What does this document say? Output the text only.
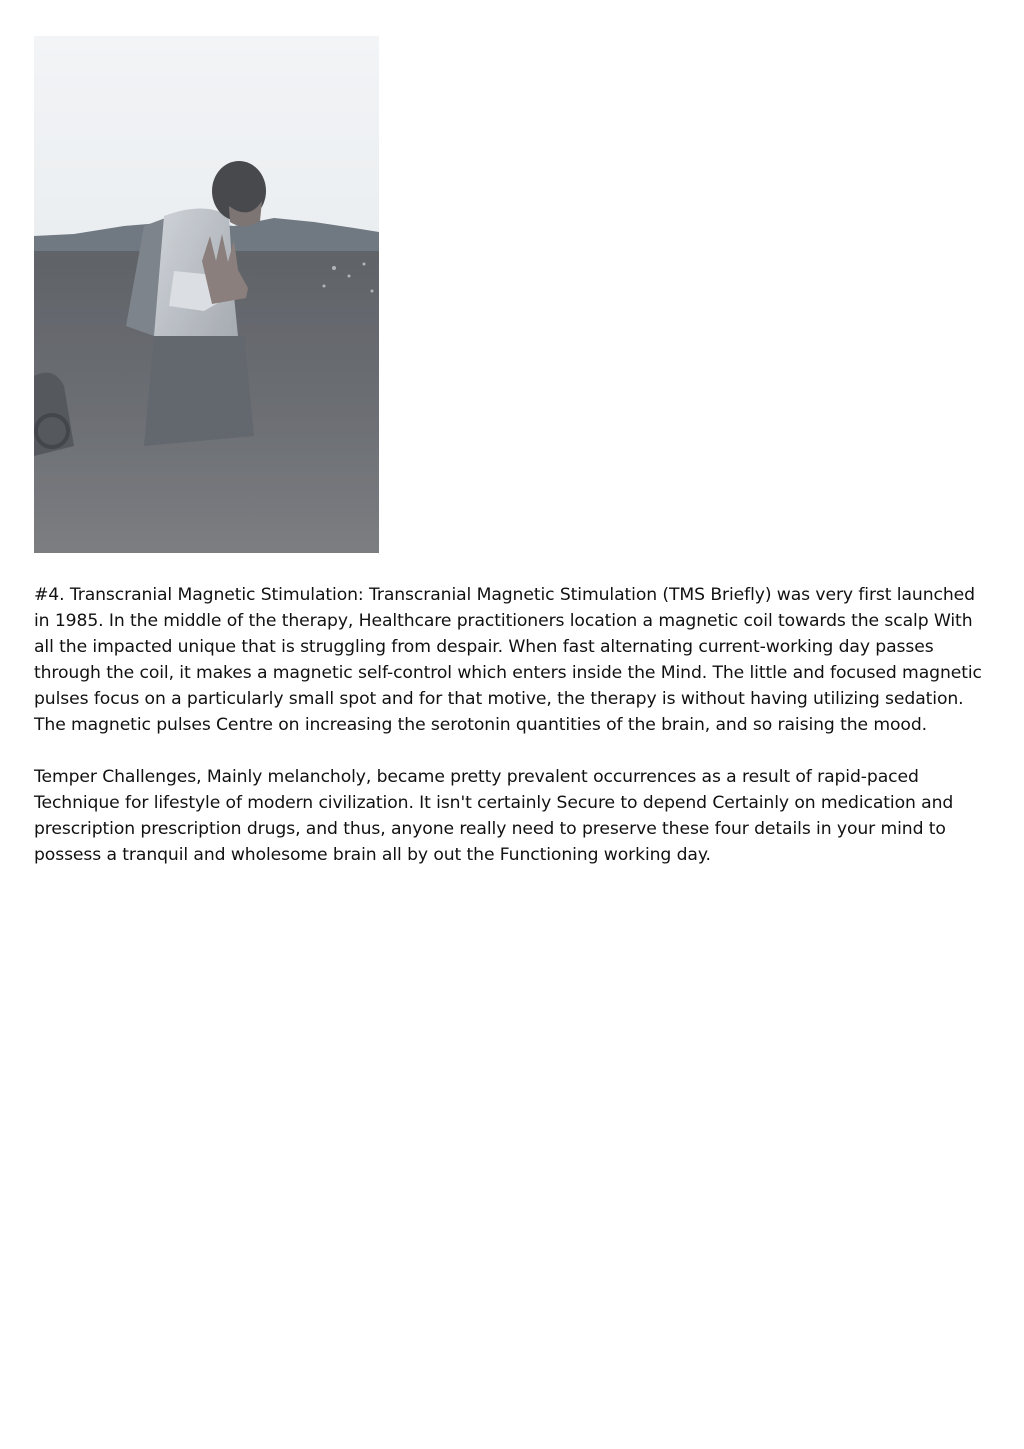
#4. Transcranial Magnetic Stimulation: Transcranial Magnetic Stimulation (TMS Briefly) was very first launched in 1985. In the middle of the therapy, Healthcare practitioners location a magnetic coil towards the scalp With all the impacted unique that is struggling from despair. When fast alternating current-working day passes through the coil, it makes a magnetic self-control which enters inside the Mind. The little and focused magnetic pulses focus on a particularly small spot and for that motive, the therapy is without having utilizing sedation. The magnetic pulses Centre on increasing the serotonin quantities of the brain, and so raising the mood.

Temper Challenges, Mainly melancholy, became pretty prevalent occurrences as a result of rapid-paced Technique for lifestyle of modern civilization. It isn't certainly Secure to depend Certainly on medication and prescription prescription drugs, and thus, anyone really need to preserve these four details in your mind to possess a tranquil and wholesome brain all by out the Functioning working day.
